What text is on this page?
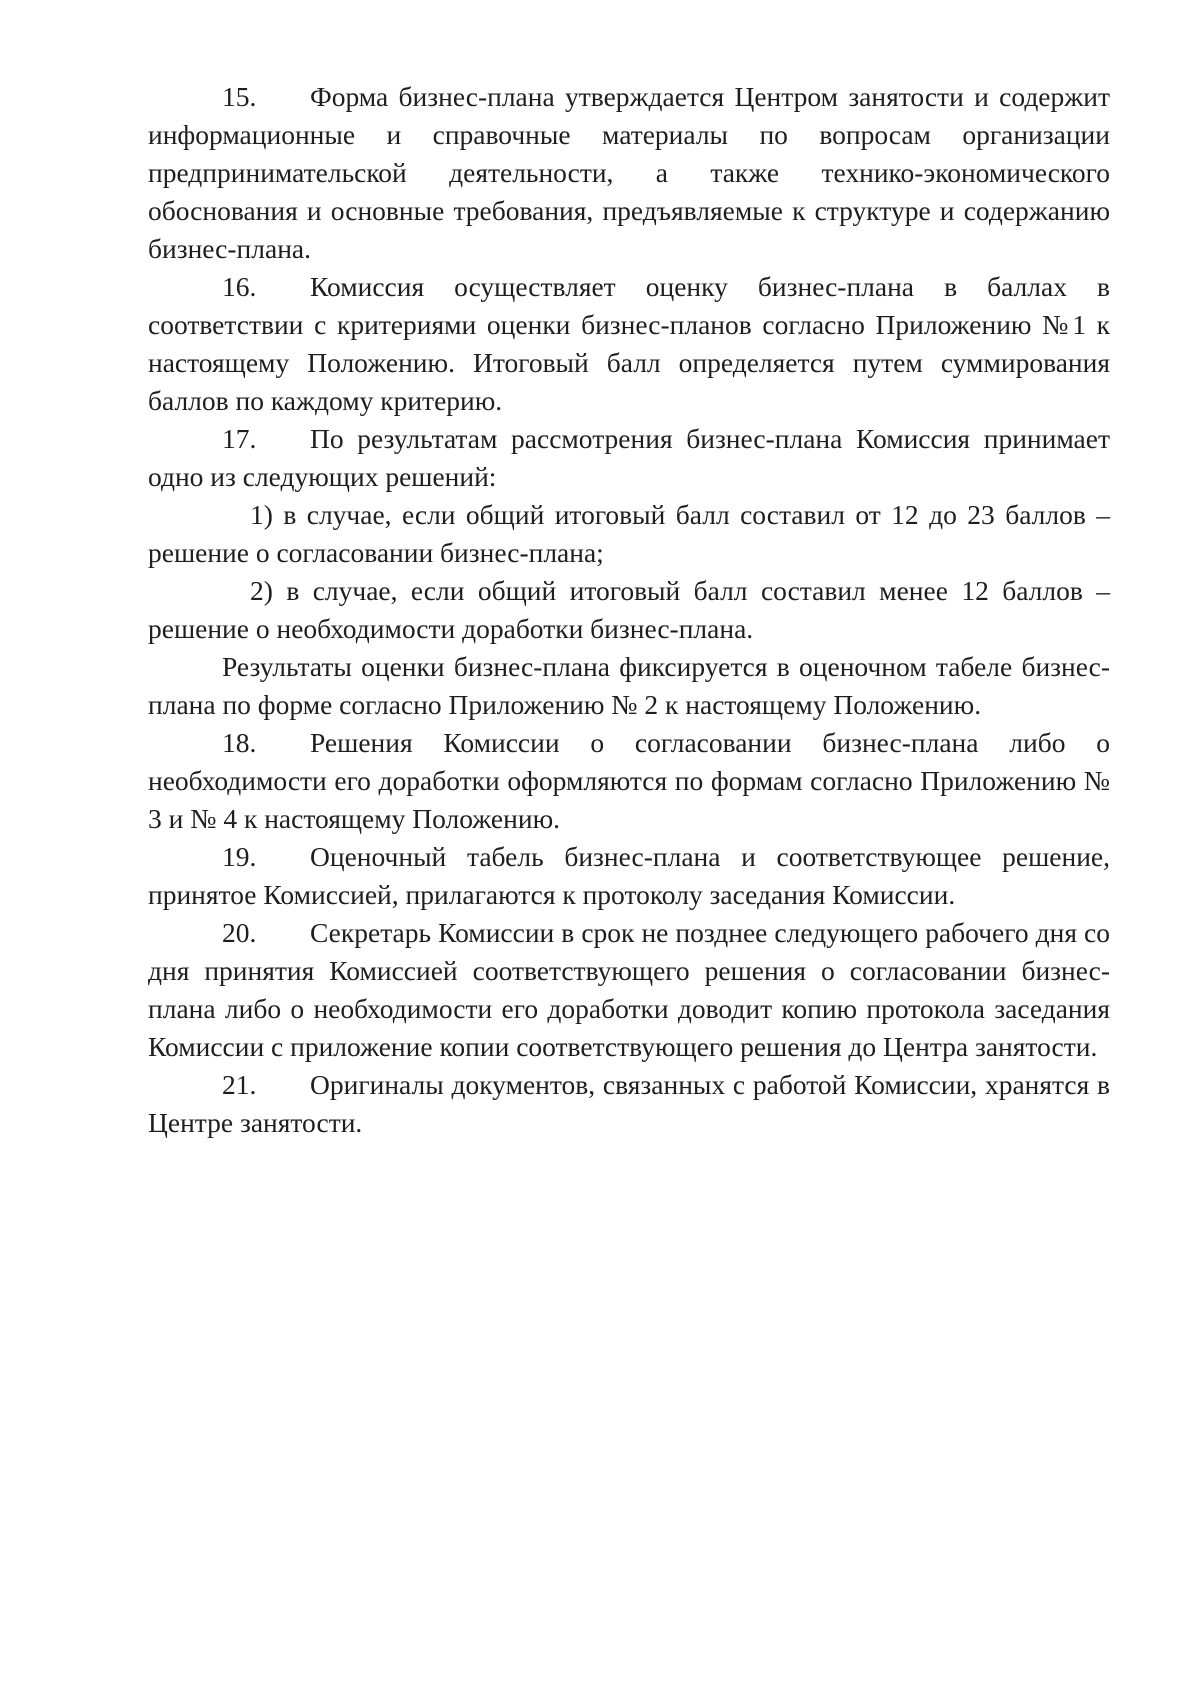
15. Форма бизнес-плана утверждается Центром занятости и содержит информационные и справочные материалы по вопросам организации предпринимательской деятельности, а также технико-экономического обоснования и основные требования, предъявляемые к структуре и содержанию бизнес-плана.

16. Комиссия осуществляет оценку бизнес-плана в баллах в соответствии с критериями оценки бизнес-планов согласно Приложению №1 к настоящему Положению. Итоговый балл определяется путем суммирования баллов по каждому критерию.

17. По результатам рассмотрения бизнес-плана Комиссия принимает одно из следующих решений:

1) в случае, если общий итоговый балл составил от 12 до 23 баллов – решение о согласовании бизнес-плана;

2) в случае, если общий итоговый балл составил менее 12 баллов – решение о необходимости доработки бизнес-плана.

Результаты оценки бизнес-плана фиксируется в оценочном табеле бизнес-плана по форме согласно Приложению № 2 к настоящему Положению.

18. Решения Комиссии о согласовании бизнес-плана либо о необходимости его доработки оформляются по формам согласно Приложению № 3 и № 4 к настоящему Положению.

19. Оценочный табель бизнес-плана и соответствующее решение, принятое Комиссией, прилагаются к протоколу заседания Комиссии.

20. Секретарь Комиссии в срок не позднее следующего рабочего дня со дня принятия Комиссией соответствующего решения о согласовании бизнес-плана либо о необходимости его доработки доводит копию протокола заседания Комиссии с приложение копии соответствующего решения до Центра занятости.

21. Оригиналы документов, связанных с работой Комиссии, хранятся в Центре занятости.
